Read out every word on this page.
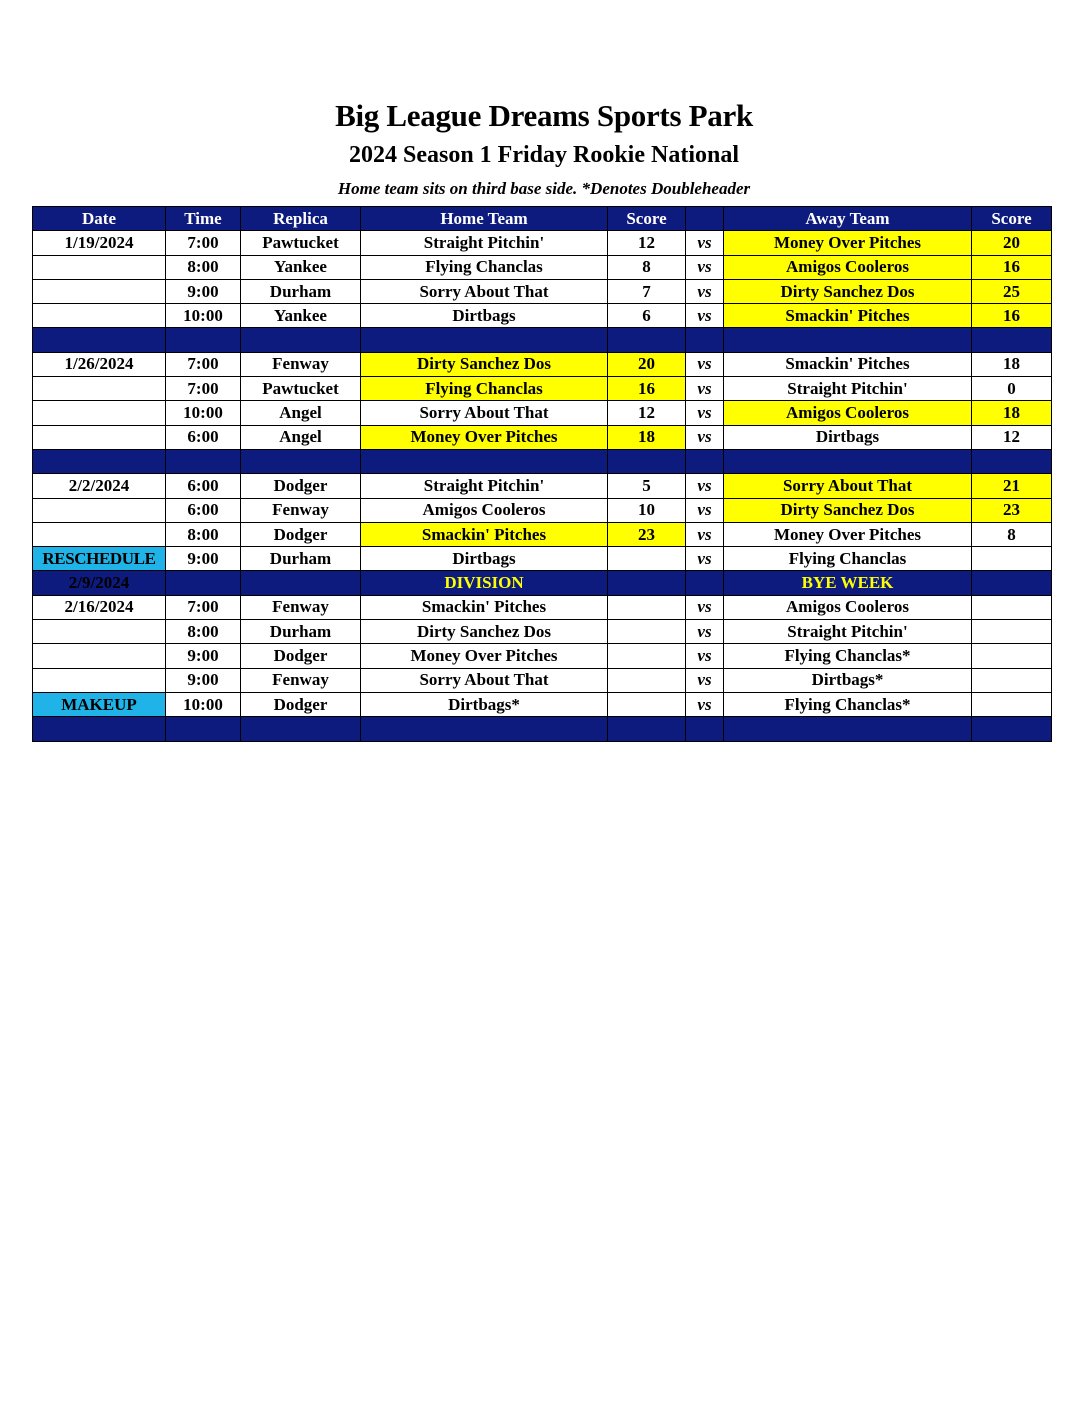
Big League Dreams Sports Park
2024 Season 1 Friday Rookie National
Home team sits on third base side. *Denotes Doubleheader
Date	Time	Replica	Home Team	Score		Away Team	Score
1/19/2024	7:00	Pawtucket	Straight Pitchin'	12	vs	Money Over Pitches	20
	8:00	Yankee	Flying Chanclas	8	vs	Amigos Cooleros	16
	9:00	Durham	Sorry About That	7	vs	Dirty Sanchez Dos	25
	10:00	Yankee	Dirtbags	6	vs	Smackin' Pitches	16

1/26/2024	7:00	Fenway	Dirty Sanchez Dos	20	vs	Smackin' Pitches	18
	7:00	Pawtucket	Flying Chanclas	16	vs	Straight Pitchin'	0
	10:00	Angel	Sorry About That	12	vs	Amigos Cooleros	18
	6:00	Angel	Money Over Pitches	18	vs	Dirtbags	12

2/2/2024	6:00	Dodger	Straight Pitchin'	5	vs	Sorry About That	21
	6:00	Fenway	Amigos Cooleros	10	vs	Dirty Sanchez Dos	23
	8:00	Dodger	Smackin' Pitches	23	vs	Money Over Pitches	8
RESCHEDULE	9:00	Durham	Dirtbags		vs	Flying Chanclas	
2/9/2024			DIVISION			BYE WEEK	
2/16/2024	7:00	Fenway	Smackin' Pitches		vs	Amigos Cooleros	
	8:00	Durham	Dirty Sanchez Dos		vs	Straight Pitchin'	
	9:00	Dodger	Money Over Pitches		vs	Flying Chanclas*	
	9:00	Fenway	Sorry About That		vs	Dirtbags*	
MAKEUP	10:00	Dodger	Dirtbags*		vs	Flying Chanclas*	
